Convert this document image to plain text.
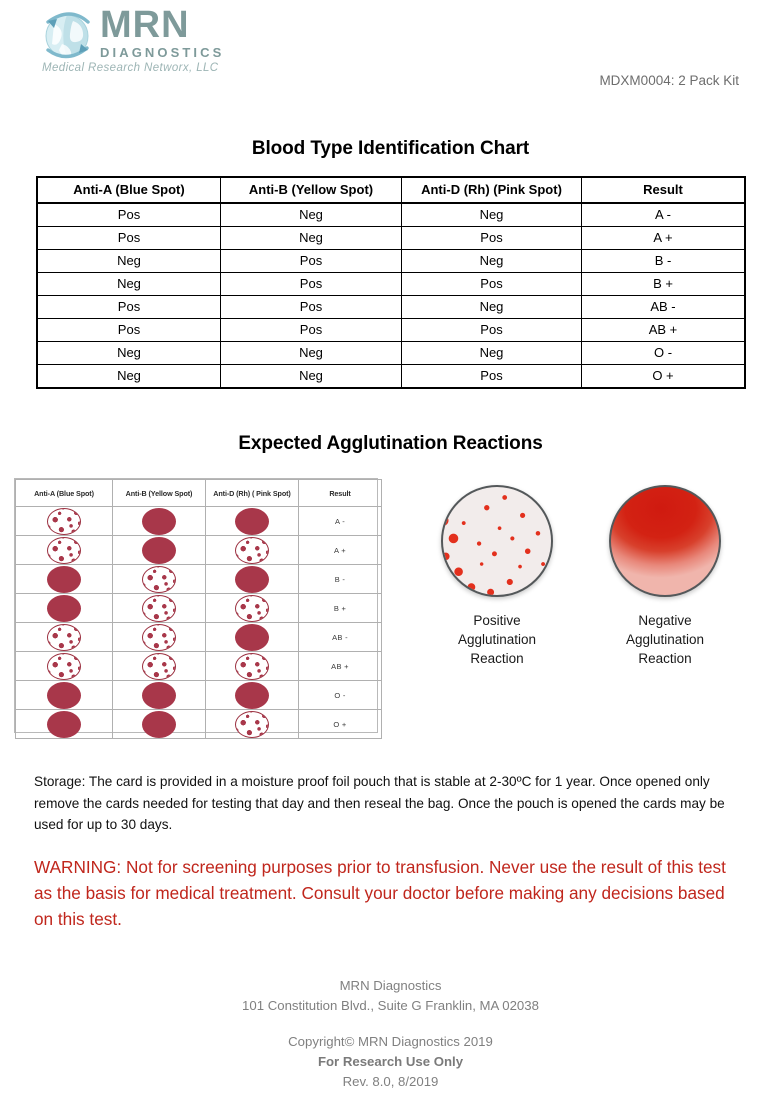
MRN
DIAGNOSTICS
Medical Research Networx, LLC
MDXM0004: 2 Pack Kit
Blood Type Identification Chart
Anti-A (Blue Spot)	Anti-B (Yellow Spot)	Anti-D (Rh) (Pink Spot)	Result
Pos	Neg	Neg	A -
Pos	Neg	Pos	A +
Neg	Pos	Neg	B -
Neg	Pos	Pos	B +
Pos	Pos	Neg	AB -
Pos	Pos	Pos	AB +
Neg	Neg	Neg	O -
Neg	Neg	Pos	O +
Expected Agglutination Reactions
Anti-A (Blue Spot)	Anti-B (Yellow Spot)	Anti-D (Rh) ( Pink Spot)	Result

	A -

	A +

	B -

	B +

	AB -

	AB +

	O -

	O +
Positive Agglutination
Reaction
Negative Agglutination
Reaction
Storage: The card is provided in a moisture proof foil pouch that is stable at 2-30ºC for 1 year. Once opened only remove the cards needed for testing that day and then reseal the bag. Once the pouch is opened the cards may be used for up to 30 days.
WARNING: Not for screening purposes prior to transfusion. Never use the result of this test as the basis for medical treatment. Consult your doctor before making any decisions based on this test.
MRN Diagnostics
101 Constitution Blvd., Suite G Franklin, MA 02038
Copyright© MRN Diagnostics 2019
For Research Use Only
Rev. 8.0, 8/2019
